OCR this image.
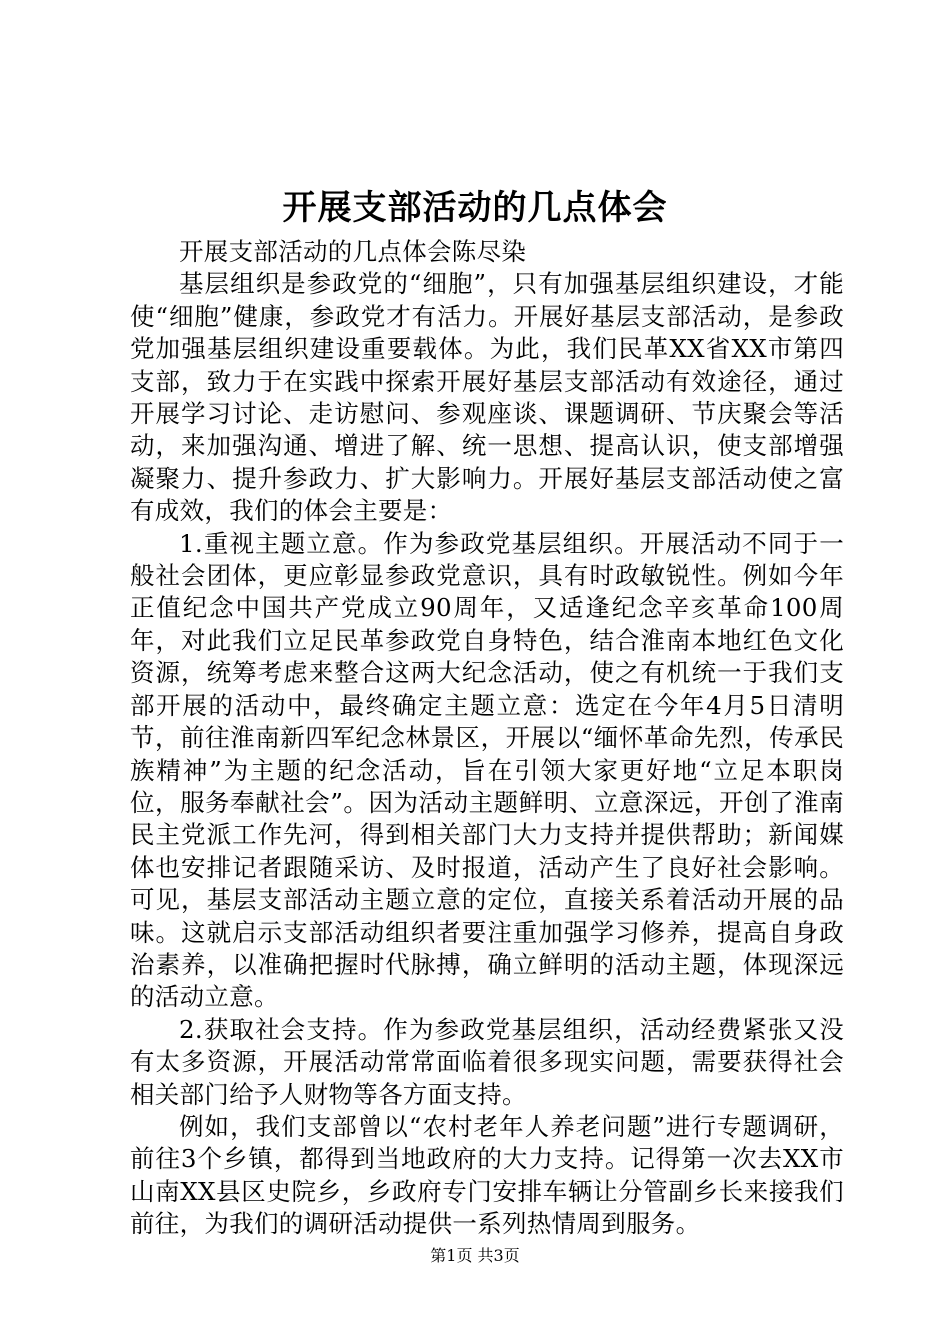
开展支部活动的几点体会

开展支部活动的几点体会陈尽染

基层组织是参政党的“细胞”，只有加强基层组织建设，才能使“细胞”健康，参政党才有活力。开展好基层支部活动，是参政党加强基层组织建设重要载体。为此，我们民革XX省XX市第四支部，致力于在实践中探索开展好基层支部活动有效途径，通过开展学习讨论、走访慰问、参观座谈、课题调研、节庆聚会等活动，来加强沟通、增进了解、统一思想、提高认识，使支部增强凝聚力、提升参政力、扩大影响力。开展好基层支部活动使之富有成效，我们的体会主要是：

1.重视主题立意。作为参政党基层组织。开展活动不同于一般社会团体，更应彰显参政党意识，具有时政敏锐性。例如今年正值纪念中国共产党成立90周年，又适逢纪念辛亥革命100周年，对此我们立足民革参政党自身特色，结合淮南本地红色文化资源，统筹考虑来整合这两大纪念活动，使之有机统一于我们支部开展的活动中，最终确定主题立意：选定在今年4月5日清明节，前往淮南新四军纪念林景区，开展以“缅怀革命先烈，传承民族精神”为主题的纪念活动，旨在引领大家更好地“立足本职岗位，服务奉献社会”。因为活动主题鲜明、立意深远，开创了淮南民主党派工作先河，得到相关部门大力支持并提供帮助；新闻媒体也安排记者跟随采访、及时报道，活动产生了良好社会影响。可见，基层支部活动主题立意的定位，直接关系着活动开展的品味。这就启示支部活动组织者要注重加强学习修养，提高自身政治素养，以准确把握时代脉搏，确立鲜明的活动主题，体现深远的活动立意。

2.获取社会支持。作为参政党基层组织，活动经费紧张又没有太多资源，开展活动常常面临着很多现实问题，需要获得社会相关部门给予人财物等各方面支持。

例如，我们支部曾以“农村老年人养老问题”进行专题调研，前往3个乡镇，都得到当地政府的大力支持。记得第一次去XX市山南XX县区史院乡，乡政府专门安排车辆让分管副乡长来接我们前往，为我们的调研活动提供一系列热情周到服务。

第1页 共3页
